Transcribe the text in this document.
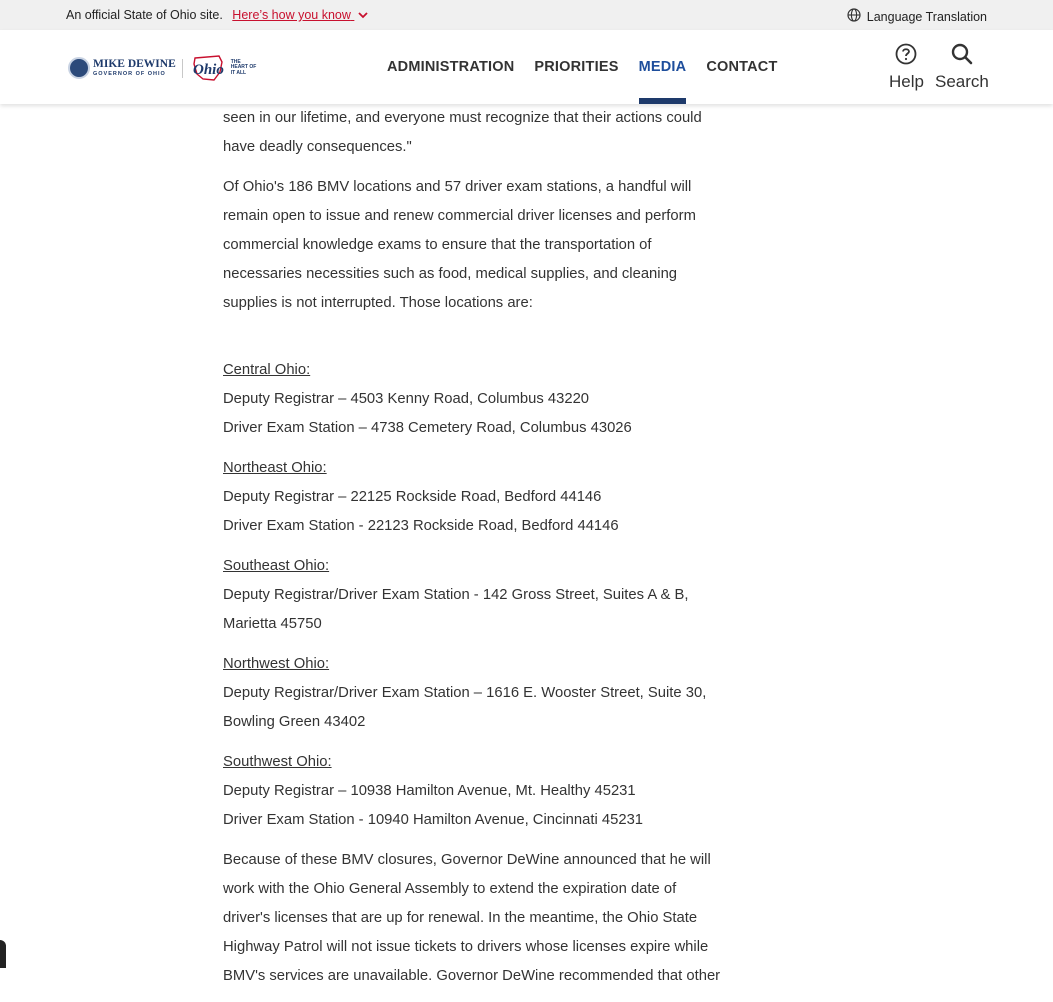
An official State of Ohio site. Here’s how you know	Language Translation
MIKE DEWINE
GOVERNOR OF OHIO	Ohio
THE HEART OF IT ALL	ADMINISTRATION	PRIORITIES	MEDIA	CONTACT
Help Search

seen in our lifetime, and everyone must recognize that their actions could
have deadly consequences."

Of Ohio's 186 BMV locations and 57 driver exam stations, a handful will
remain open to issue and renew commercial driver licenses and perform
commercial knowledge exams to ensure that the transportation of
necessaries necessities such as food, medical supplies, and cleaning
supplies is not interrupted. Those locations are:

Central Ohio:
Deputy Registrar – 4503 Kenny Road, Columbus 43220
Driver Exam Station – 4738 Cemetery Road, Columbus 43026
Northeast Ohio:
Deputy Registrar – 22125 Rockside Road, Bedford 44146
Driver Exam Station - 22123 Rockside Road, Bedford 44146
Southeast Ohio:
Deputy Registrar/Driver Exam Station - 142 Gross Street, Suites A & B,
Marietta 45750
Northwest Ohio:
Deputy Registrar/Driver Exam Station – 1616 E. Wooster Street, Suite 30,
Bowling Green 43402
Southwest Ohio:
Deputy Registrar – 10938 Hamilton Avenue, Mt. Healthy 45231
Driver Exam Station - 10940 Hamilton Avenue, Cincinnati 45231

Because of these BMV closures, Governor DeWine announced that he will
work with the Ohio General Assembly to extend the expiration date of
driver's licenses that are up for renewal. In the meantime, the Ohio State
Highway Patrol will not issue tickets to drivers whose licenses expire while
BMV's services are unavailable. Governor DeWine recommended that other
